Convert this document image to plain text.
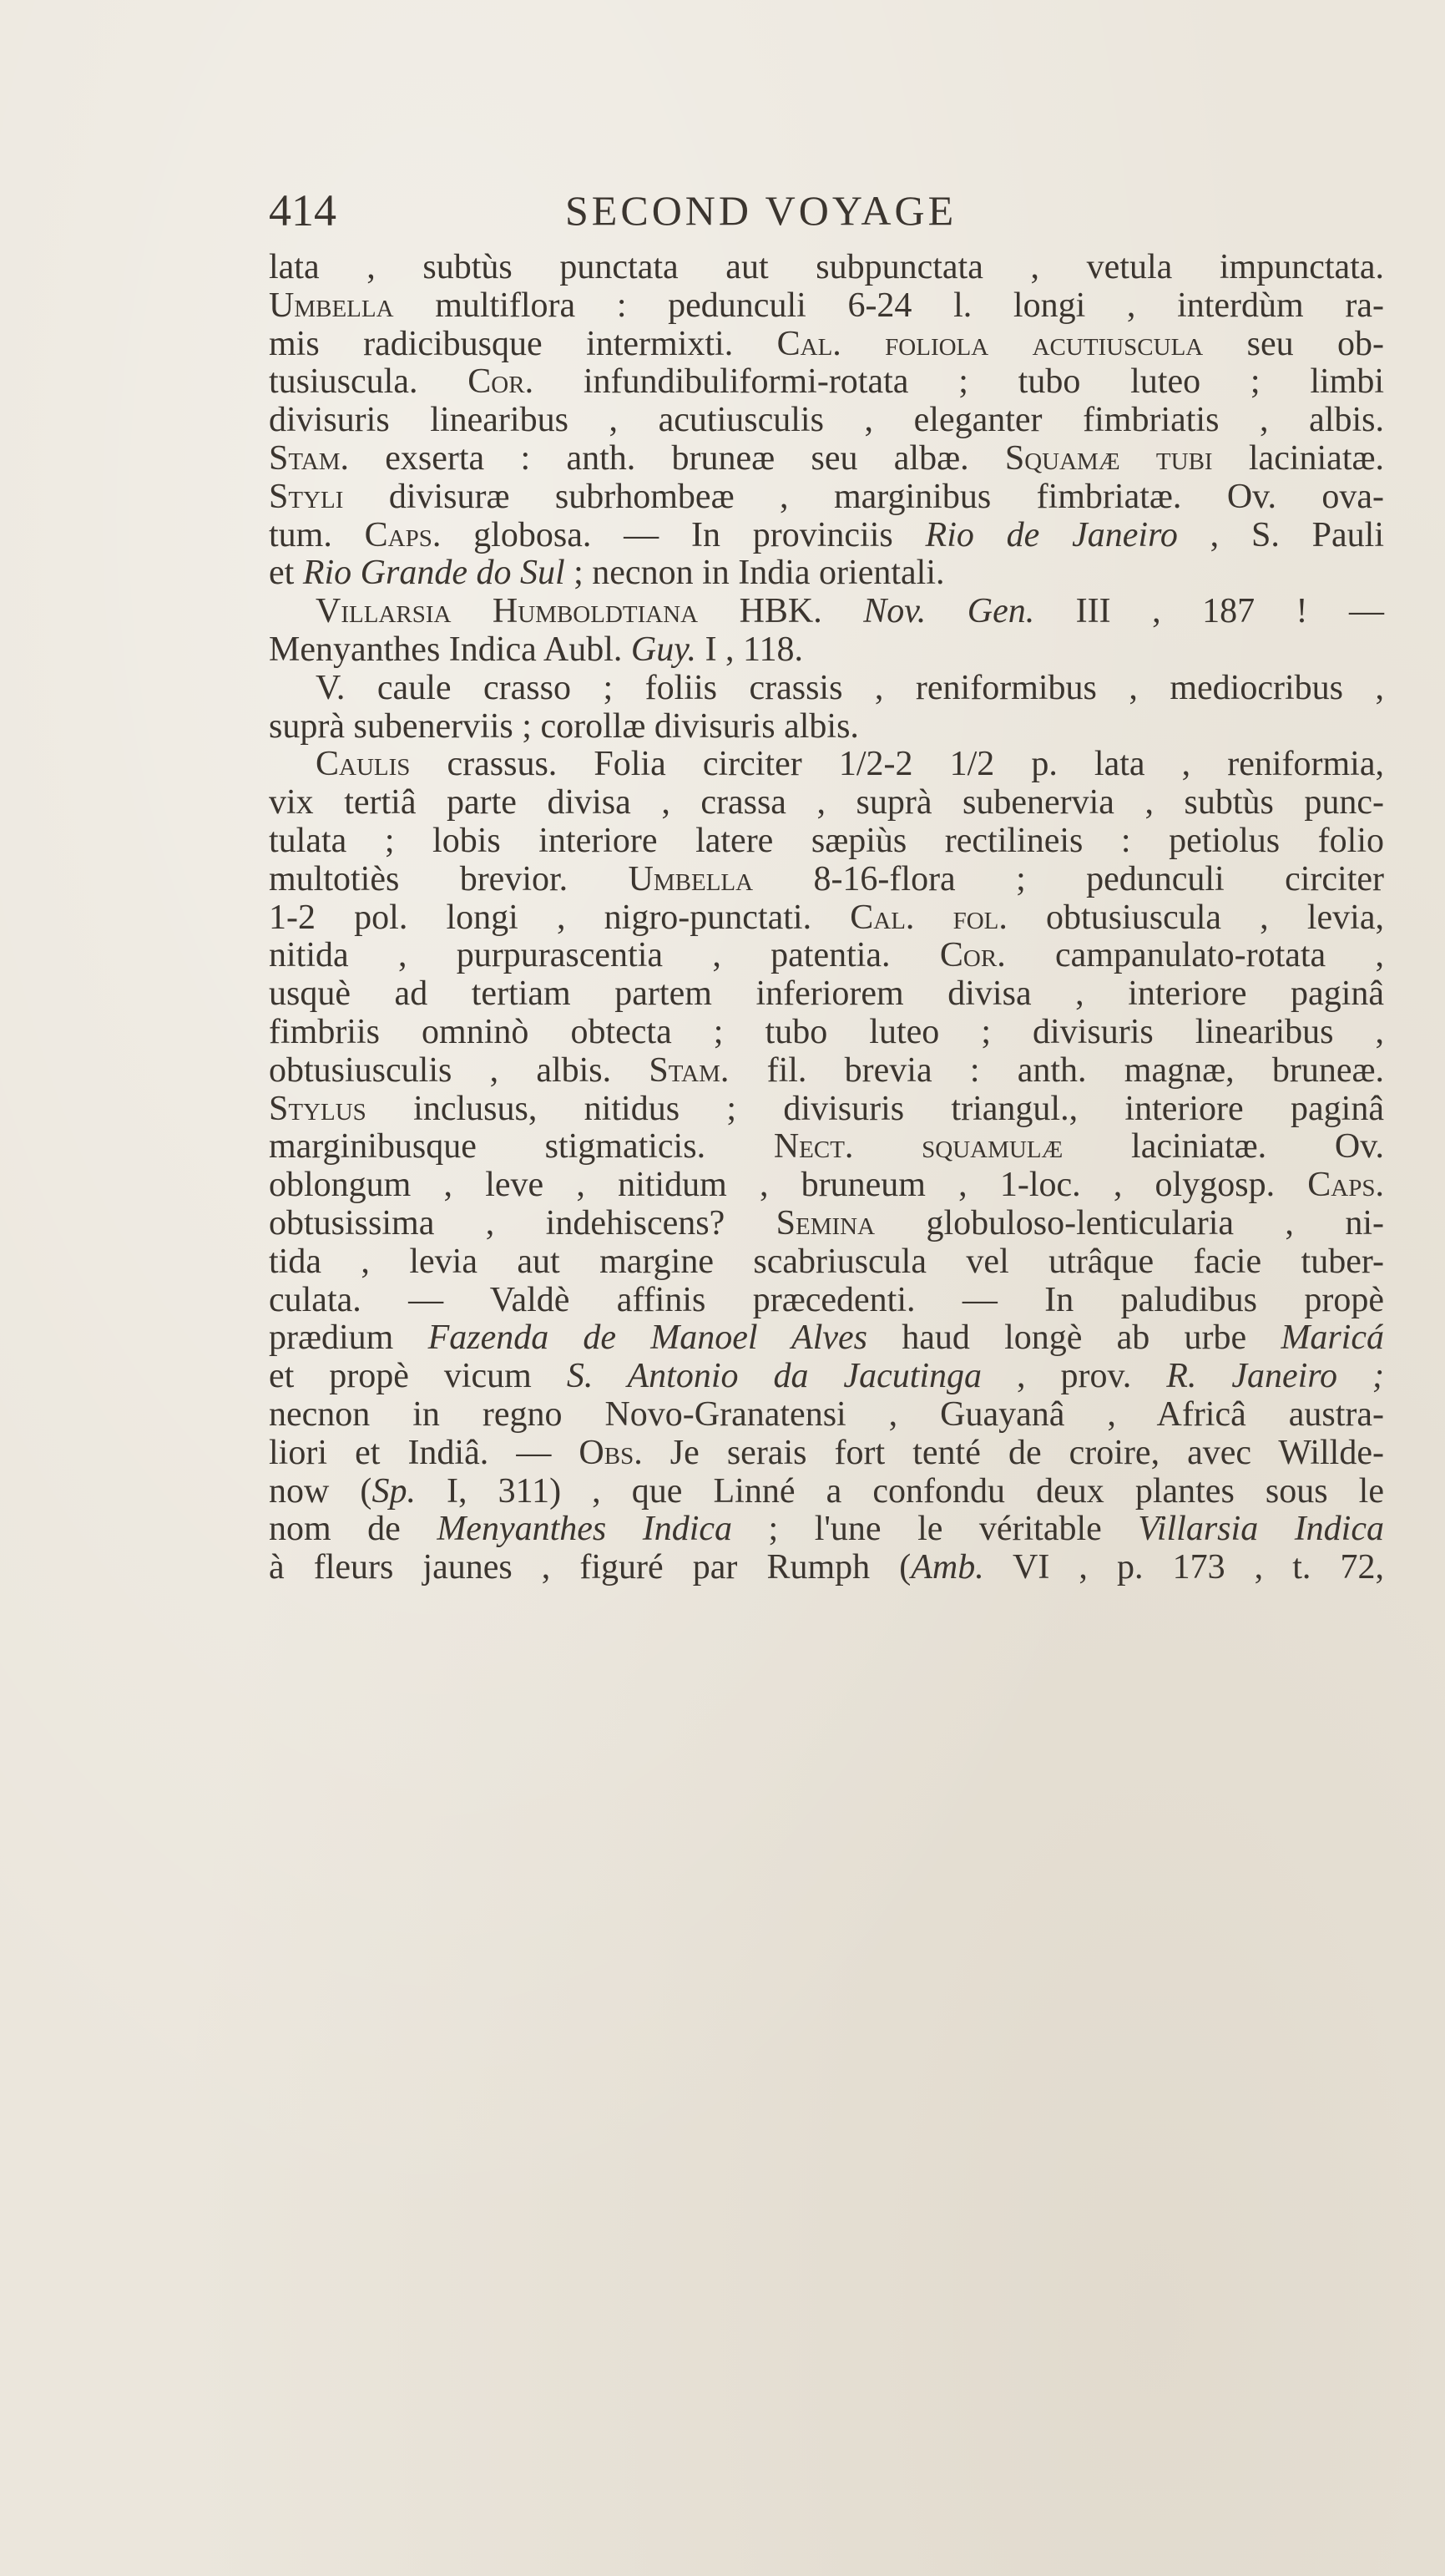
414	SECOND VOYAGE
lata , subtùs punctata aut subpunctata , vetula impunctata.
Umbella multiflora : pedunculi 6-24 l. longi , interdùm ra-
mis radicibusque intermixti. Cal. foliola acutiuscula seu ob-
tusiuscula. Cor. infundibuliformi-rotata ; tubo luteo ; limbi
divisuris linearibus , acutiusculis , eleganter fimbriatis , albis.
Stam. exserta : anth. bruneæ seu albæ. Squamæ tubi laciniatæ.
Styli divisuræ subrhombeæ , marginibus fimbriatæ. Ov. ova-
tum. Caps. globosa. — In provinciis Rio de Janeiro , S. Pauli
et Rio Grande do Sul ; necnon in India orientali.
Villarsia Humboldtiana HBK. Nov. Gen. III , 187 ! —
Menyanthes Indica Aubl. Guy. I , 118.
V. caule crasso ; foliis crassis , reniformibus , mediocribus ,
suprà subenerviis ; corollæ divisuris albis.
Caulis crassus. Folia circiter 1/2-2 1/2 p. lata , reniformia,
vix tertiâ parte divisa , crassa , suprà subenervia , subtùs punc-
tulata ; lobis interiore latere sæpiùs rectilineis : petiolus folio
multotiès brevior. Umbella 8-16-flora ; pedunculi circiter
1-2 pol. longi , nigro-punctati. Cal. fol. obtusiuscula , levia,
nitida , purpurascentia , patentia. Cor. campanulato-rotata ,
usquè ad tertiam partem inferiorem divisa , interiore paginâ
fimbriis omninò obtecta ; tubo luteo ; divisuris linearibus ,
obtusiusculis , albis. Stam. fil. brevia : anth. magnæ, bruneæ.
Stylus inclusus, nitidus ; divisuris triangul., interiore paginâ
marginibusque stigmaticis. Nect. squamulæ laciniatæ. Ov.
oblongum , leve , nitidum , bruneum , 1-loc. , olygosp. Caps.
obtusissima , indehiscens? Semina globuloso-lenticularia , ni-
tida , levia aut margine scabriuscula vel utrâque facie tuber-
culata. — Valdè affinis præcedenti. — In paludibus propè
prædium Fazenda de Manoel Alves haud longè ab urbe Maricá
et propè vicum S. Antonio da Jacutinga , prov. R. Janeiro ;
necnon in regno Novo-Granatensi , Guayanâ , Africâ austra-
liori et Indiâ. — Obs. Je serais fort tenté de croire, avec Willde-
now (Sp. I, 311) , que Linné a confondu deux plantes sous le
nom de Menyanthes Indica ; l'une le véritable Villarsia Indica
à fleurs jaunes , figuré par Rumph (Amb. VI , p. 173 , t. 72,
